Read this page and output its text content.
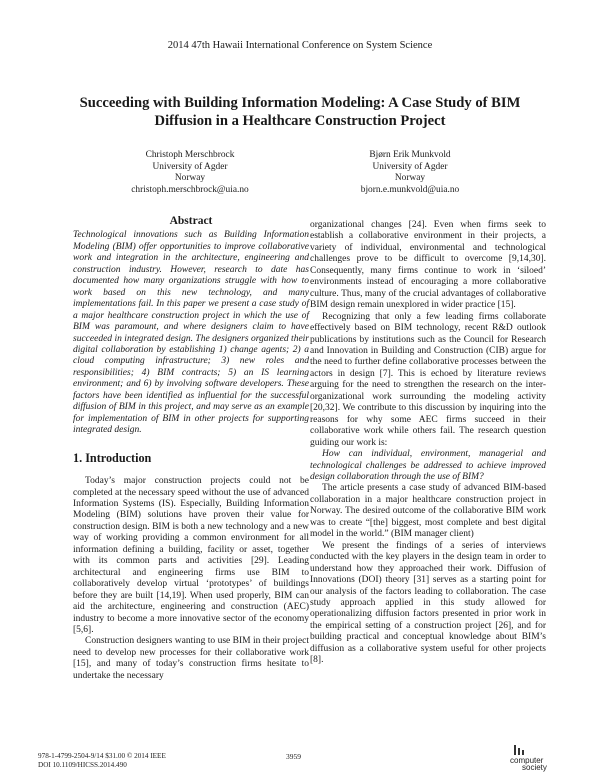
2014 47th Hawaii International Conference on System Science
Succeeding with Building Information Modeling: A Case Study of BIM
Diffusion in a Healthcare Construction Project
Christoph Merschbrock
University of Agder
Norway
christoph.merschbrock@uia.no
Bjørn Erik Munkvold
University of Agder
Norway
bjorn.e.munkvold@uia.no
Abstract

Technological innovations such as Building Information Modeling (BIM) offer opportunities to improve collaborative work and integration in the architecture, engineering and construction industry. However, research to date has documented how many organizations struggle with how to work based on this new technology, and many implementations fail. In this paper we present a case study of a major healthcare construction project in which the use of BIM was paramount, and where designers claim to have succeeded in integrated design. The designers organized their digital collaboration by establishing 1) change agents; 2) a cloud computing infrastructure; 3) new roles and responsibilities; 4) BIM contracts; 5) an IS learning environment; and 6) by involving software developers. These factors have been identified as influential for the successful diffusion of BIM in this project, and may serve as an example for implementation of BIM in other projects for supporting integrated design.

1. Introduction

Today’s major construction projects could not be completed at the necessary speed without the use of advanced Information Systems (IS). Especially, Building Information Modeling (BIM) solutions have proven their value for construction design. BIM is both a new technology and a new way of working providing a common environment for all information defining a building, facility or asset, together with its common parts and activities [29]. Leading architectural and engineering firms use BIM to collaboratively develop virtual ‘prototypes’ of buildings before they are built [14,19]. When used properly, BIM can aid the architecture, engineering and construction (AEC) industry to become a more innovative sector of the economy [5,6].

Construction designers wanting to use BIM in their project need to develop new processes for their collaborative work [15], and many of today’s construction firms hesitate to undertake the necessary

organizational changes [24]. Even when firms seek to establish a collaborative environment in their projects, a variety of individual, environmental and technological challenges prove to be difficult to overcome [9,14,30]. Consequently, many firms continue to work in ‘siloed’ environments instead of encouraging a more collaborative culture. Thus, many of the crucial advantages of collaborative BIM design remain unexplored in wider practice [15].

Recognizing that only a few leading firms collaborate effectively based on BIM technology, recent R&D outlook publications by institutions such as the Council for Research and Innovation in Building and Construction (CIB) argue for the need to further define collaborative processes between the actors in design [7]. This is echoed by literature reviews arguing for the need to strengthen the research on the inter-organizational work surrounding the modeling activity [20,32]. We contribute to this discussion by inquiring into the reasons for why some AEC firms succeed in their collaborative work while others fail. The research question guiding our work is:

How can individual, environment, managerial and technological challenges be addressed to achieve improved design collaboration through the use of BIM?

The article presents a case study of advanced BIM-based collaboration in a major healthcare construction project in Norway. The desired outcome of the collaborative BIM work was to create “[the] biggest, most complete and best digital model in the world.” (BIM manager client)

We present the findings of a series of interviews conducted with the key players in the design team in order to understand how they approached their work. Diffusion of Innovations (DOI) theory [31] serves as a starting point for our analysis of the factors leading to collaboration. The case study approach applied in this study allowed for operationalizing diffusion factors presented in prior work in the empirical setting of a construction project [26], and for building practical and conceptual knowledge about BIM’s diffusion as a collaborative system useful for other projects [8].

978-1-4799-2504-9/14 $31.00 © 2014 IEEE
DOI 10.1109/HICSS.2014.490
3959	computer
society
